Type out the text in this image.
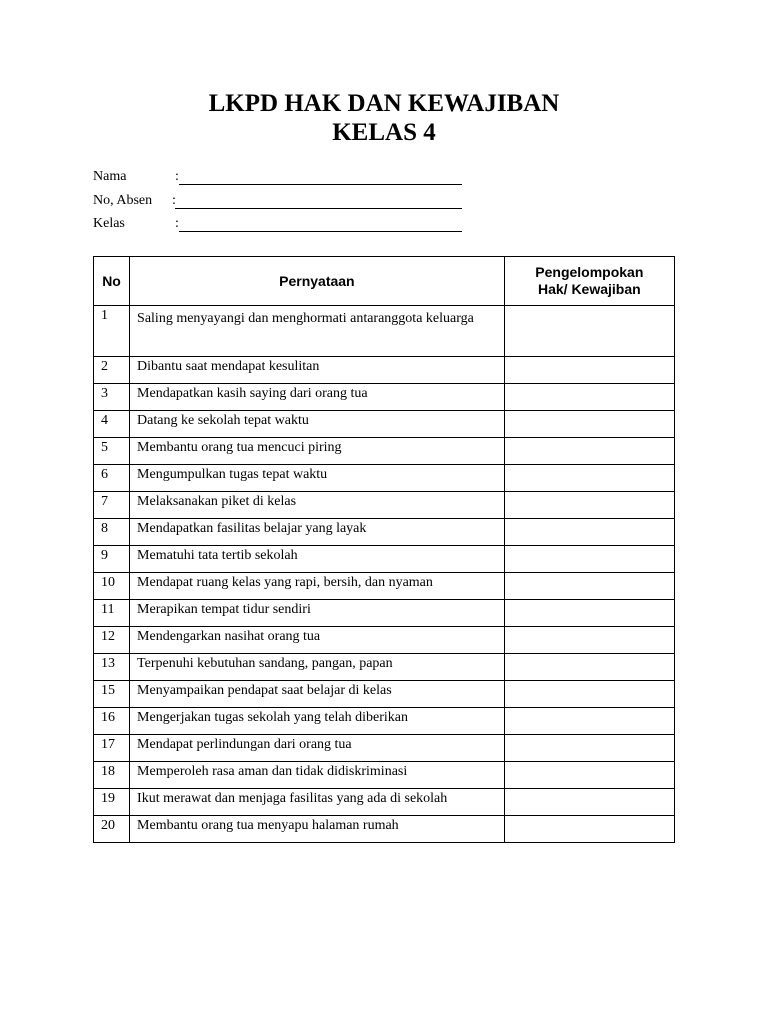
LKPD HAK DAN KEWAJIBAN
KELAS 4
Nama	:
No, Absen :
Kelas	:
No	Pernyataan	Pengelompokan
Hak/ Kewajiban
1	Saling menyayangi dan menghormati antaranggota keluarga	
2	Dibantu saat mendapat kesulitan	
3	Mendapatkan kasih saying dari orang tua	
4	Datang ke sekolah tepat waktu	
5	Membantu orang tua mencuci piring	
6	Mengumpulkan tugas tepat waktu	
7	Melaksanakan piket di kelas	
8	Mendapatkan fasilitas belajar yang layak	
9	Mematuhi tata tertib sekolah	
10	Mendapat ruang kelas yang rapi, bersih, dan nyaman	
11	Merapikan tempat tidur sendiri	
12	Mendengarkan nasihat orang tua	
13	Terpenuhi kebutuhan sandang, pangan, papan	
15	Menyampaikan pendapat saat belajar di kelas	
16	Mengerjakan tugas sekolah yang telah diberikan	
17	Mendapat perlindungan dari orang tua	
18	Memperoleh rasa aman dan tidak didiskriminasi	
19	Ikut merawat dan menjaga fasilitas yang ada di sekolah	
20	Membantu orang tua menyapu halaman rumah	
